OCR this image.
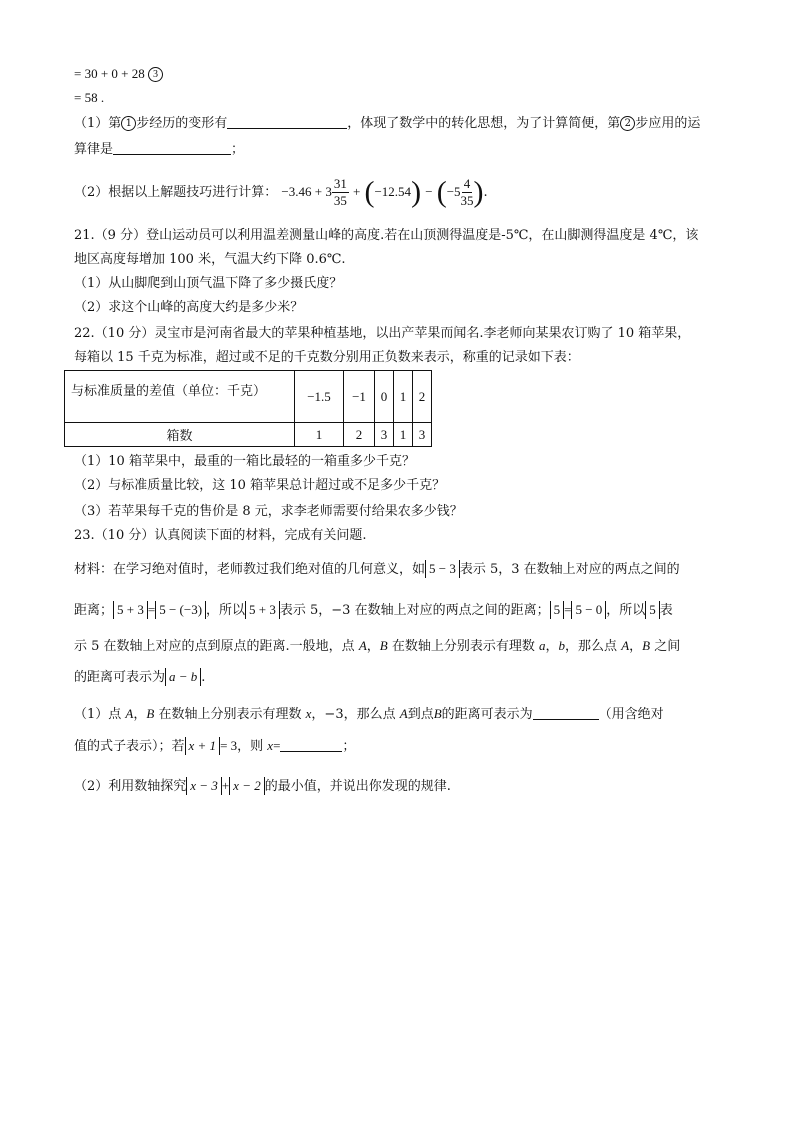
= 30 + 0 + 28 3
= 58 .
（1）第 1 步经历的变形有	，体现了数学中的转化思想，为了计算简便，第 2 步应用的运
算律是	；
（2）根据以上解题技巧进行计算： $-3.46 + 3 \frac{31}{35} + (-12.54) - (-5 \frac{4}{35}$ ).
21.（9 分）登山运动员可以利用温差测量山峰的高度.若在山顶测得温度是-5℃，在山脚测得温度是 4℃，该
地区高度每增加 100 米，气温大约下降 0.6℃.
（1）从山脚爬到山顶气温下降了多少摄氏度？
（2）求这个山峰的高度大约是多少米？
22.（10 分）灵宝市是河南省最大的苹果种植基地，以出产苹果而闻名.李老师向某果农订购了 10 箱苹果，
每箱以 15 千克为标准，超过或不足的千克数分别用正负数来表示，称重的记录如下表：
与标准质量的差值（单位：千克）	−1.5	−1	0	1	2
箱数	1	2	3	1	3
（1）10 箱苹果中，最重的一箱比最轻的一箱重多少千克？
（2）与标准质量比较，这 10 箱苹果总计超过或不足多少千克？
（3）若苹果每千克的售价是 8 元，求李老师需要付给果农多少钱？
23.（10 分）认真阅读下面的材料，完成有关问题.
材料：在学习绝对值时，老师教过我们绝对值的几何意义，如 5 − 3 表示 5，3 在数轴上对应的两点之间的
距离； 5 + 3 = 5 − (−3) ，所以 5 + 3 表示 5，−3 在数轴上对应的两点之间的距离； 5 = 5 − 0 ，所以 5 表
示 5 在数轴上对应的点到原点的距离.一般地，点 A，B 在数轴上分别表示有理数 a，b，那么点 A，B 之间
的距离可表示为 a − b .
（1）点 A，B 在数轴上分别表示有理数 x，−3，那么点 A到点B的距离可表示为	（用含绝对
值的式子表示）；若 x + 1 = 3，则 x=	；
（2）利用数轴探究 x − 3 + x − 2 的最小值，并说出你发现的规律.
